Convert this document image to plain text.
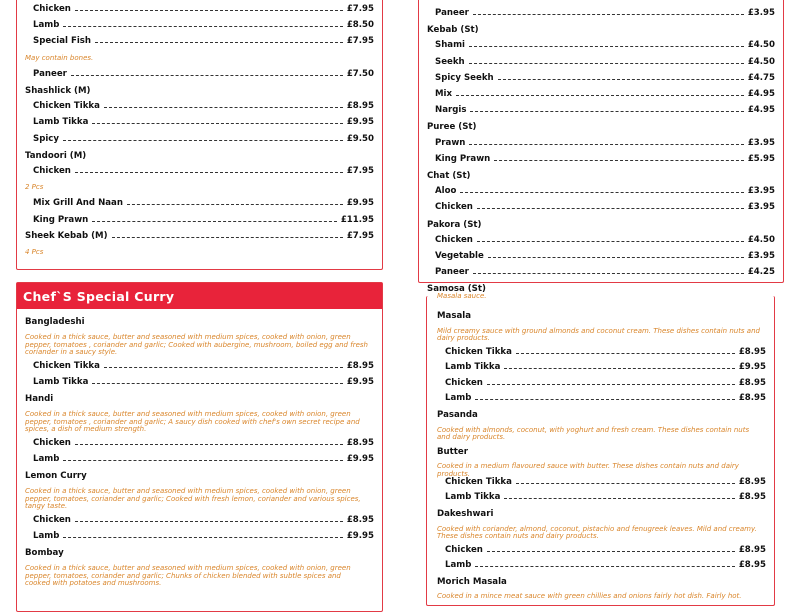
Chicken	£7.95
Lamb	£8.50
Special Fish	£7.95
May contain bones.
Paneer	£7.50
Shashlick (M)
Chicken Tikka	£8.95
Lamb Tikka	£9.95
Spicy	£9.50
Tandoori (M)
Chicken	£7.95
2 Pcs
Mix Grill And Naan	£9.95
King Prawn	£11.95
Sheek Kebab (M)	£7.95
4 Pcs
Paneer	£3.95
Kebab (St)
Shami	£4.50
Seekh	£4.50
Spicy Seekh	£4.75
Mix	£4.95
Nargis	£4.95
Puree (St)
Prawn	£3.95
King Prawn	£5.95
Chat (St)
Aloo	£3.95
Chicken	£3.95
Pakora (St)
Chicken	£4.50
Vegetable	£3.95
Paneer	£4.25
Samosa (St)
Chef`S Special Curry
Bangladeshi
Cooked in a thick sauce, butter and seasoned with medium spices, cooked with onion, green pepper, tomatoes , coriander and garlic; Cooked with aubergine, mushroom, boiled egg and fresh coriander in a saucy style.
Chicken Tikka	£8.95
Lamb Tikka	£9.95
Handi
Cooked in a thick sauce, butter and seasoned with medium spices, cooked with onion, green pepper, tomatoes , coriander and garlic; A saucy dish cooked with chef's own secret recipe and spices, a dish of medium strength.
Chicken	£8.95
Lamb	£9.95
Lemon Curry
Cooked in a thick sauce, butter and seasoned with medium spices, cooked with onion, green pepper, tomatoes, coriander and garlic; Cooked with fresh lemon, coriander and various spices, tangy taste.
Chicken	£8.95
Lamb	£9.95
Bombay
Cooked in a thick sauce, butter and seasoned with medium spices, cooked with onion, green pepper, tomatoes, coriander and garlic; Chunks of chicken blended with subtle spices and cooked with potatoes and mushrooms.
Masala sauce.
Masala
Mild creamy sauce with ground almonds and coconut cream. These dishes contain nuts and dairy products.
Chicken Tikka	£8.95
Lamb Tikka	£9.95
Chicken	£8.95
Lamb	£8.95
Pasanda
Cooked with almonds, coconut, with yoghurt and fresh cream. These dishes contain nuts and dairy products.
Butter
Cooked in a medium flavoured sauce with butter. These dishes contain nuts and dairy products.
Chicken Tikka	£8.95
Lamb Tikka	£8.95
Dakeshwari
Cooked with coriander, almond, coconut, pistachio and fenugreek leaves. Mild and creamy. These dishes contain nuts and dairy products.
Chicken	£8.95
Lamb	£8.95
Morich Masala
Cooked in a mince meat sauce with green chillies and onions fairly hot dish. Fairly hot.
